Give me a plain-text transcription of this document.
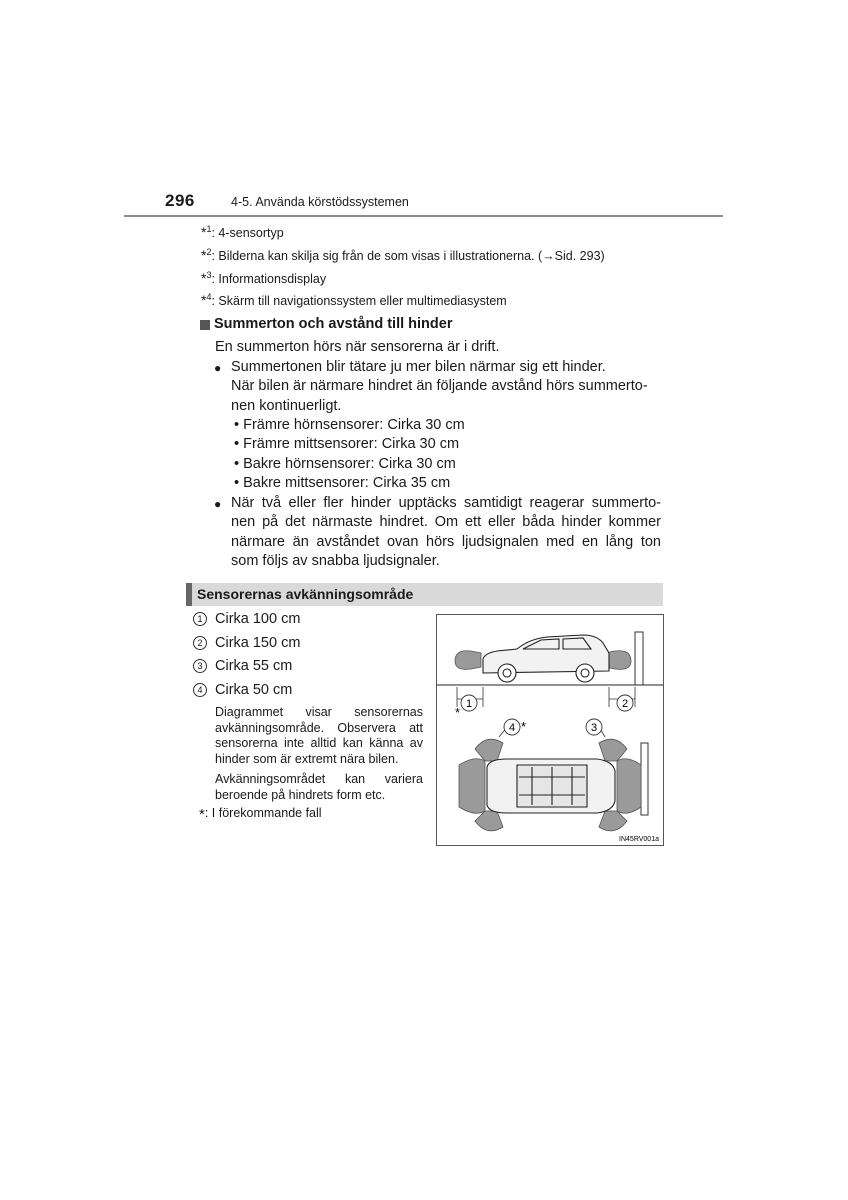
296	4-5. Använda körstödssystemen
*$^1$: 4-sensortyp
*$^2$: Bilderna kan skilja sig från de som visas i illustrationerna. (→Sid. 293)
*$^3$: Informationsdisplay
*$^4$: Skärm till navigationssystem eller multimediasystem
Summerton och avstånd till hinder
En summerton hörs när sensorerna är i drift.
● Summertonen blir tätare ju mer bilen närmar sig ett hinder.
När bilen är närmare hindret än följande avstånd hörs summerto-
nen kontinuerligt.
• Främre hörnsensorer: Cirka 30 cm
• Främre mittsensorer: Cirka 30 cm
• Bakre hörnsensorer: Cirka 30 cm
• Bakre mittsensorer: Cirka 35 cm
● När två eller fler hinder upptäcks samtidigt reagerar summerto-
nen på det närmaste hindret. Om ett eller båda hinder kommer
närmare än avståndet ovan hörs ljudsignalen med en lång ton
som följs av snabba ljudsignaler.
Sensorernas avkänningsområde
1 Cirka 100 cm
2 Cirka 150 cm
3 Cirka 55 cm
4 Cirka 50 cm
Diagrammet visar sensorernas avkänningsområde. Observera att sensorerna inte alltid kan känna av hinder som är extremt nära bilen.
Avkänningsområdet kan variera beroende på hindrets form etc.
*: I förekommande fall
1	2
*
4 *	3
IN45RV001a
